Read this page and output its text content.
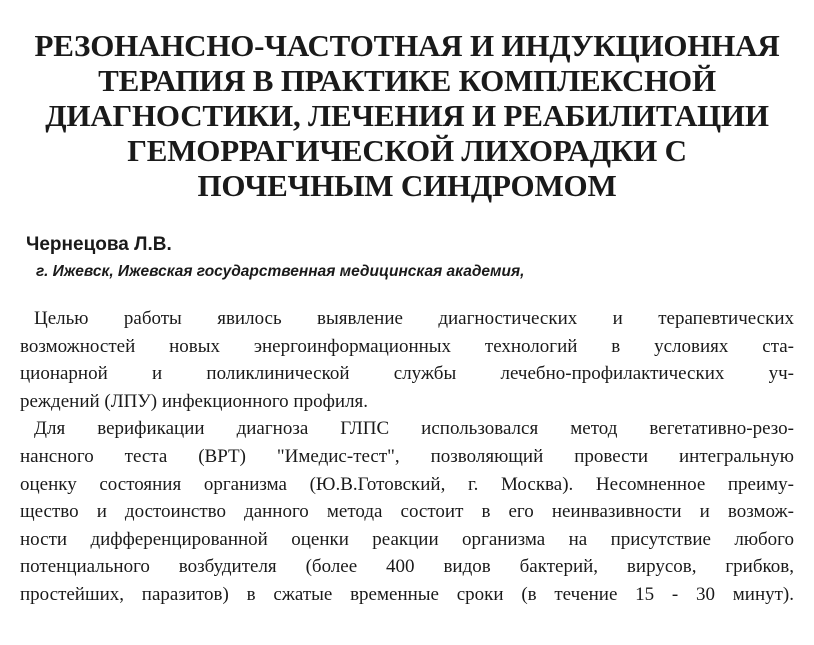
РЕЗОНАНСНО-ЧАСТОТНАЯ И ИНДУКЦИОННАЯ
ТЕРАПИЯ В ПРАКТИКЕ КОМПЛЕКСНОЙ
ДИАГНОСТИКИ, ЛЕЧЕНИЯ И РЕАБИЛИТАЦИИ
ГЕМОРРАГИЧЕСКОЙ ЛИХОРАДКИ С
ПОЧЕЧНЫМ СИНДРОМОМ
Чернецова Л.В.
г. Ижевск, Ижевская государственная медицинская академия,
Целью работы явилось выявление диагностических и терапевтических
возможностей новых энергоинформационных технологий в условиях ста-
ционарной и поликлинической службы лечебно-профилактических уч-
реждений (ЛПУ) инфекционного профиля.
Для верификации диагноза ГЛПС использовался метод вегетативно-резо-
нансного теста (ВРТ) "Имедис-тест", позволяющий провести интегральную
оценку состояния организма (Ю.В.Готовский, г. Москва). Несомненное преиму-
щество и достоинство данного метода состоит в его неинвазивности и возмож-
ности дифференцированной оценки реакции организма на присутствие любого
потенциального возбудителя (более 400 видов бактерий, вирусов, грибков,
простейших, паразитов) в сжатые временные сроки (в течение 15 - 30 минут).
